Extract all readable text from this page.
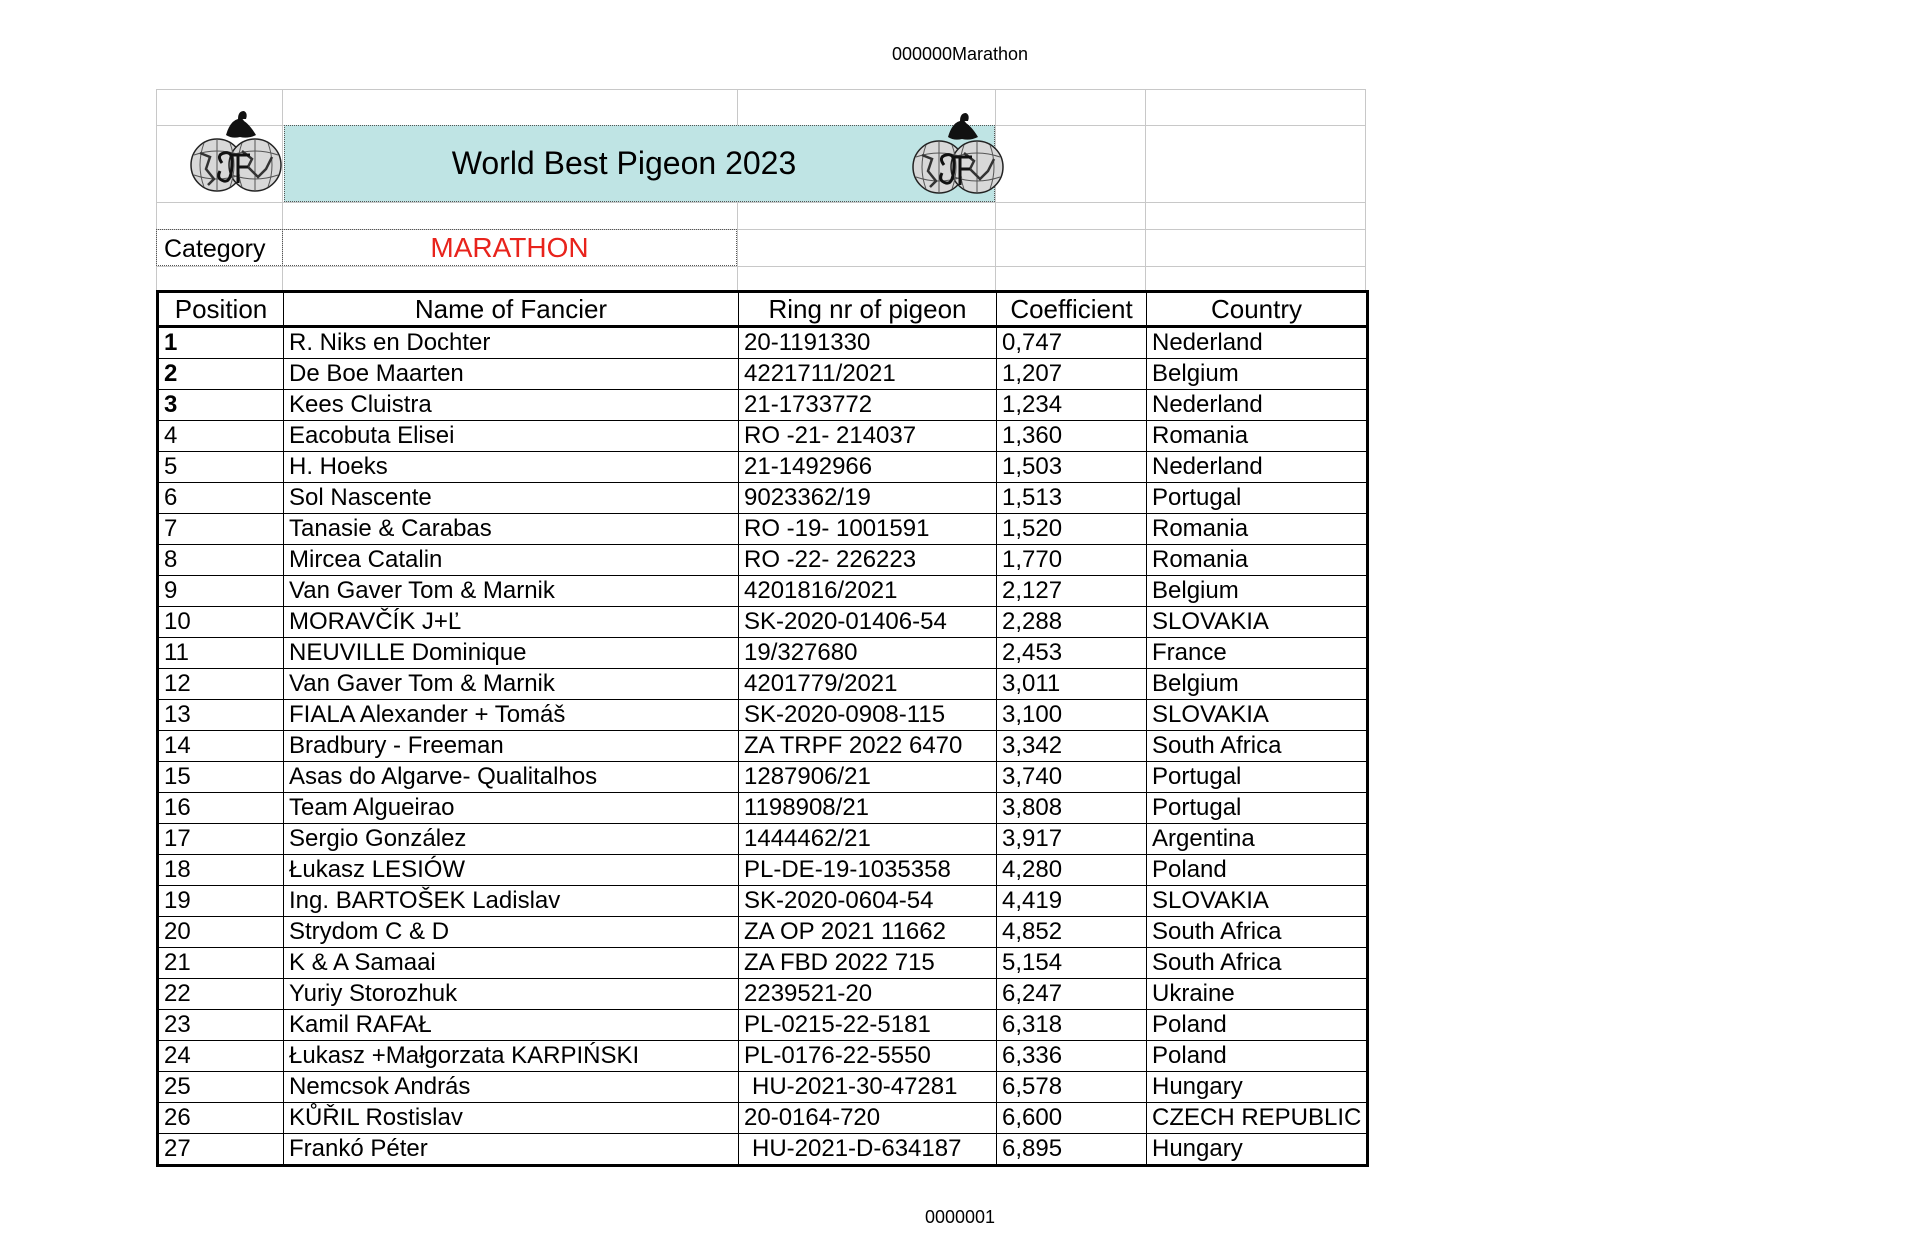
000000Marathon
World Best Pigeon 2023
Category	MARATHON
Position	Name of Fancier	Ring nr of pigeon	Coefficient	Country
1	R. Niks en Dochter	20-1191330	0,747	Nederland
2	De Boe Maarten	4221711/2021	1,207	Belgium
3	Kees Cluistra	21-1733772	1,234	Nederland
4	Eacobuta Elisei	RO -21- 214037	1,360	Romania
5	H. Hoeks	21-1492966	1,503	Nederland
6	Sol Nascente	9023362/19	1,513	Portugal
7	Tanasie & Carabas	RO -19- 1001591	1,520	Romania
8	Mircea Catalin	RO -22- 226223	1,770	Romania
9	Van Gaver Tom & Marnik	4201816/2021	2,127	Belgium
10	MORAVČÍK J+Ľ	SK-2020-01406-54	2,288	SLOVAKIA
11	NEUVILLE Dominique	19/327680	2,453	France
12	Van Gaver Tom & Marnik	4201779/2021	3,011	Belgium
13	FIALA Alexander + Tomáš	SK-2020-0908-115	3,100	SLOVAKIA
14	Bradbury - Freeman	ZA TRPF 2022 6470	3,342	South Africa
15	Asas do Algarve- Qualitalhos	1287906/21	3,740	Portugal
16	Team Algueirao	1198908/21	3,808	Portugal
17	Sergio González	1444462/21	3,917	Argentina
18	Łukasz LESIÓW	PL-DE-19-1035358	4,280	Poland
19	Ing. BARTOŠEK Ladislav	SK-2020-0604-54	4,419	SLOVAKIA
20	Strydom C & D	ZA OP 2021 11662	4,852	South Africa
21	K & A Samaai	ZA FBD 2022 715	5,154	South Africa
22	Yuriy Storozhuk	2239521-20	6,247	Ukraine
23	Kamil RAFAŁ	PL-0215-22-5181	6,318	Poland
24	Łukasz +Małgorzata KARPIŃSKI	PL-0176-22-5550	6,336	Poland
25	Nemcsok András	HU-2021-30-47281	6,578	Hungary
26	KŮŘIL Rostislav	20-0164-720	6,600	CZECH REPUBLIC
27	Frankó Péter	HU-2021-D-634187	6,895	Hungary
0000001
